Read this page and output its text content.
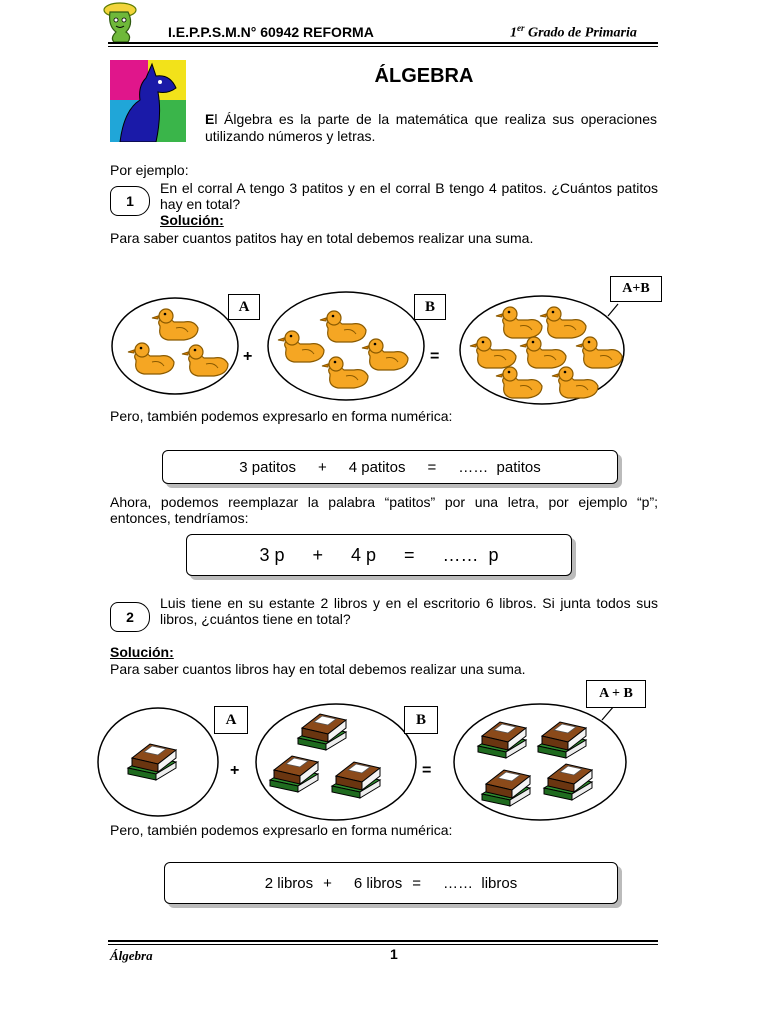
I.E.P.P.S.M.N° 60942 REFORMA	1er Grado de Primaria
ÁLGEBRA
El Álgebra es la parte de la matemática que realiza sus operaciones utilizando números y letras.
Por ejemplo:
1
En el corral A tengo 3 patitos y en el corral B tengo 4 patitos. ¿Cuántos patitos hay en total?
Solución:
Para saber cuantos patitos hay en total debemos realizar una suma.
A
+
B
=
A+B
Pero, también podemos expresarlo en forma numérica:
3 patitos + 4 patitos = ……  patitos
Ahora, podemos reemplazar la palabra “patitos” por una letra, por ejemplo “p”; entonces, tendríamos:
3 p + 4 p = ……  p
2
Luis tiene en su estante 2 libros y en el escritorio 6 libros. Si junta todos sus libros, ¿cuántos tiene en total?
Solución:
Para saber cuantos libros hay en total debemos realizar una suma.
A
+
B
=
A + B
Pero, también podemos expresarlo en forma numérica:
2 libros + 6 libros = ……  libros
Álgebra	1
